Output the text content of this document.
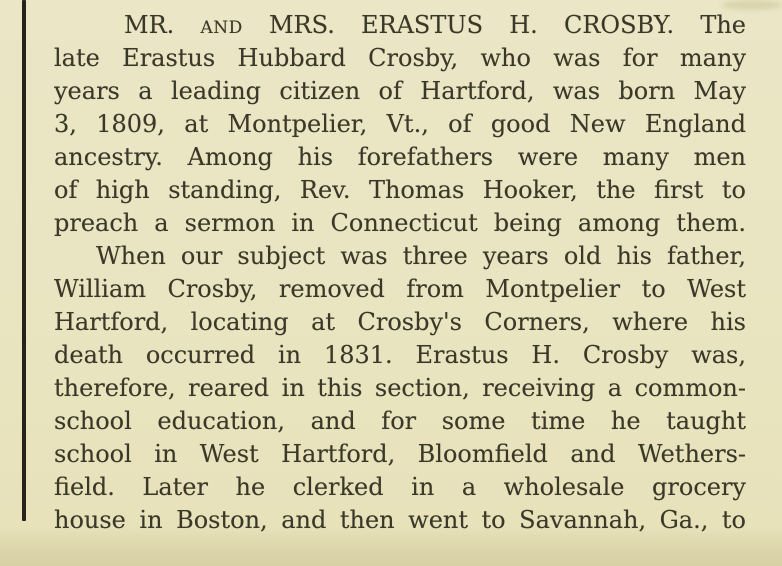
MR. and MRS. ERASTUS H. CROSBY. The
late Erastus Hubbard Crosby, who was for many
years a leading citizen of Hartford, was born May
3, 1809, at Montpelier, Vt., of good New England
ancestry. Among his forefathers were many men
of high standing, Rev. Thomas Hooker, the first to
preach a sermon in Connecticut being among them.
When our subject was three years old his father,
William Crosby, removed from Montpelier to West
Hartford, locating at Crosby's Corners, where his
death occurred in 1831. Erastus H. Crosby was,
therefore, reared in this section, receiving a common-
school education, and for some time he taught
school in West Hartford, Bloomfield and Wethers-
field. Later he clerked in a wholesale grocery
house in Boston, and then went to Savannah, Ga., to
